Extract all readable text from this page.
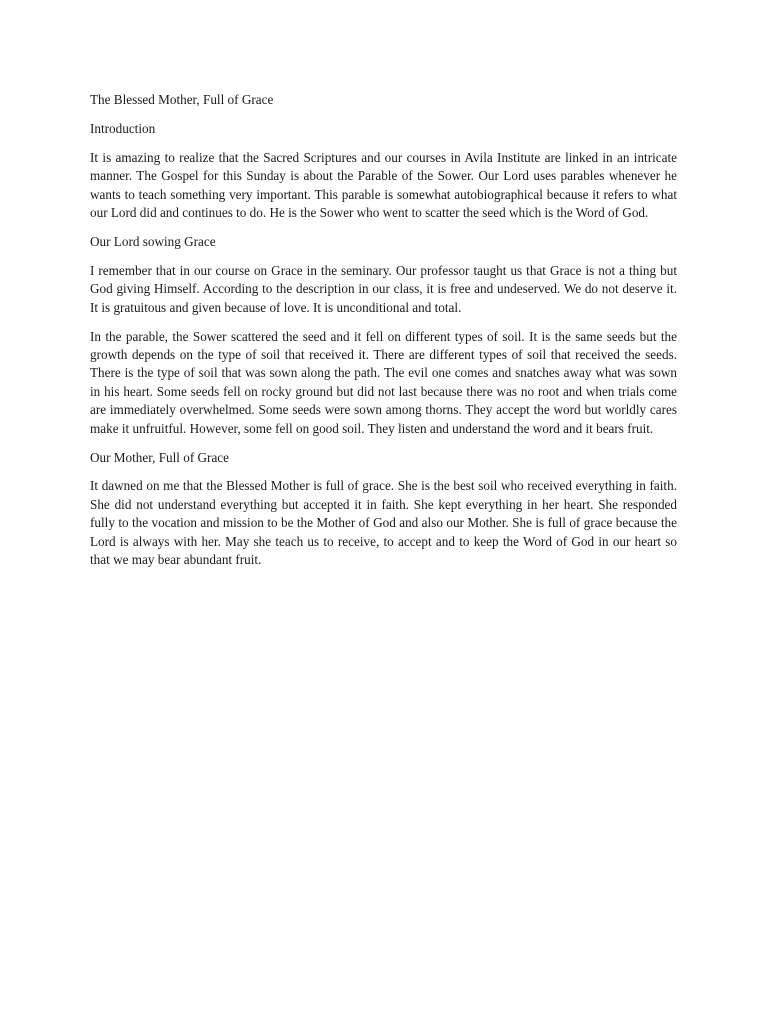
The Blessed Mother, Full of Grace

Introduction

It is amazing to realize that the Sacred Scriptures and our courses in Avila Institute are linked in an intricate manner. The Gospel for this Sunday is about the Parable of the Sower. Our Lord uses parables whenever he wants to teach something very important. This parable is somewhat autobiographical because it refers to what our Lord did and continues to do. He is the Sower who went to scatter the seed which is the Word of God.

Our Lord sowing Grace

I remember that in our course on Grace in the seminary. Our professor taught us that Grace is not a thing but God giving Himself. According to the description in our class, it is free and undeserved. We do not deserve it. It is gratuitous and given because of love. It is unconditional and total.

In the parable, the Sower scattered the seed and it fell on different types of soil. It is the same seeds but the growth depends on the type of soil that received it. There are different types of soil that received the seeds. There is the type of soil that was sown along the path. The evil one comes and snatches away what was sown in his heart. Some seeds fell on rocky ground but did not last because there was no root and when trials come are immediately overwhelmed. Some seeds were sown among thorns. They accept the word but worldly cares make it unfruitful. However, some fell on good soil. They listen and understand the word and it bears fruit.

Our Mother, Full of Grace

It dawned on me that the Blessed Mother is full of grace. She is the best soil who received everything in faith. She did not understand everything but accepted it in faith. She kept everything in her heart. She responded fully to the vocation and mission to be the Mother of God and also our Mother. She is full of grace because the Lord is always with her. May she teach us to receive, to accept and to keep the Word of God in our heart so that we may bear abundant fruit.
